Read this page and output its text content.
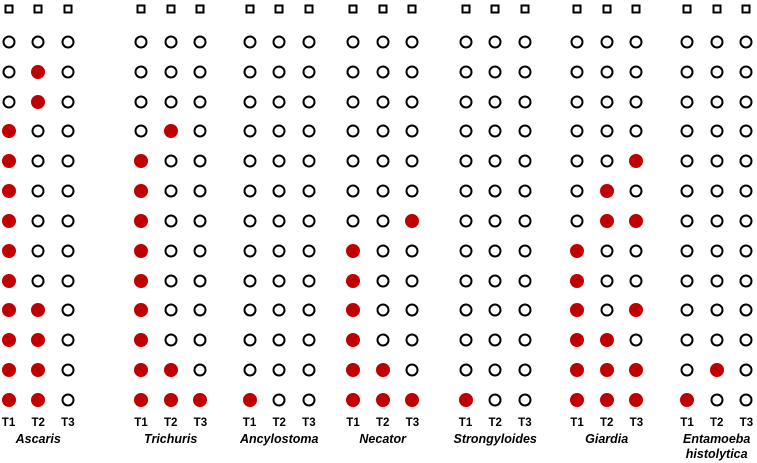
T1 T2 T3
Ascaris
T1 T2 T3
Trichuris
T1 T2 T3
Ancylostoma
T1 T2 T3
Necator
T1 T2 T3
Strongyloides
T1 T2 T3
Giardia
T1 T2 T3
Entamoeba histolytica
